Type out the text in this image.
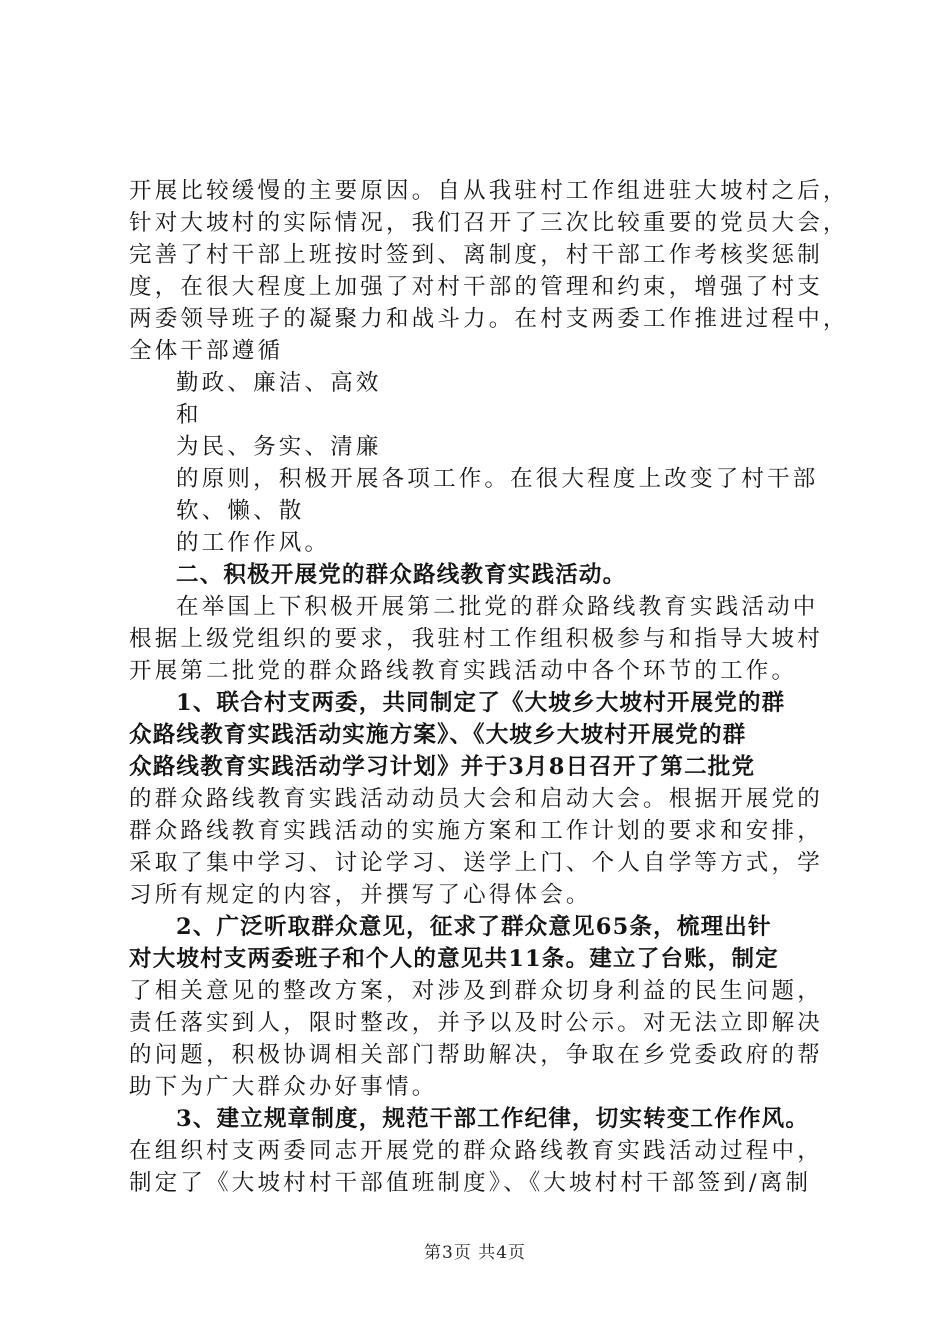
开展比较缓慢的主要原因。自从我驻村工作组进驻大坡村之后，
针对大坡村的实际情况，我们召开了三次比较重要的党员大会，
完善了村干部上班按时签到、离制度，村干部工作考核奖惩制
度，在很大程度上加强了对村干部的管理和约束，增强了村支
两委领导班子的凝聚力和战斗力。在村支两委工作推进过程中，
全体干部遵循
勤政、廉洁、高效
和
为民、务实、清廉
的原则，积极开展各项工作。在很大程度上改变了村干部
软、懒、散
的工作作风。
二、积极开展党的群众路线教育实践活动。
在举国上下积极开展第二批党的群众路线教育实践活动中
根据上级党组织的要求，我驻村工作组积极参与和指导大坡村
开展第二批党的群众路线教育实践活动中各个环节的工作。
1、联合村支两委，共同制定了《大坡乡大坡村开展党的群
众路线教育实践活动实施方案》、《大坡乡大坡村开展党的群
众路线教育实践活动学习计划》并于3月8日召开了第二批党
的群众路线教育实践活动动员大会和启动大会。根据开展党的
群众路线教育实践活动的实施方案和工作计划的要求和安排，
采取了集中学习、讨论学习、送学上门、个人自学等方式，学
习所有规定的内容，并撰写了心得体会。
2、广泛听取群众意见，征求了群众意见65条，梳理出针
对大坡村支两委班子和个人的意见共11条。建立了台账，制定
了相关意见的整改方案，对涉及到群众切身利益的民生问题，
责任落实到人，限时整改，并予以及时公示。对无法立即解决
的问题，积极协调相关部门帮助解决，争取在乡党委政府的帮
助下为广大群众办好事情。
3、建立规章制度，规范干部工作纪律，切实转变工作作风。
在组织村支两委同志开展党的群众路线教育实践活动过程中，
制定了《大坡村村干部值班制度》、《大坡村村干部签到/离制
第3页 共4页
